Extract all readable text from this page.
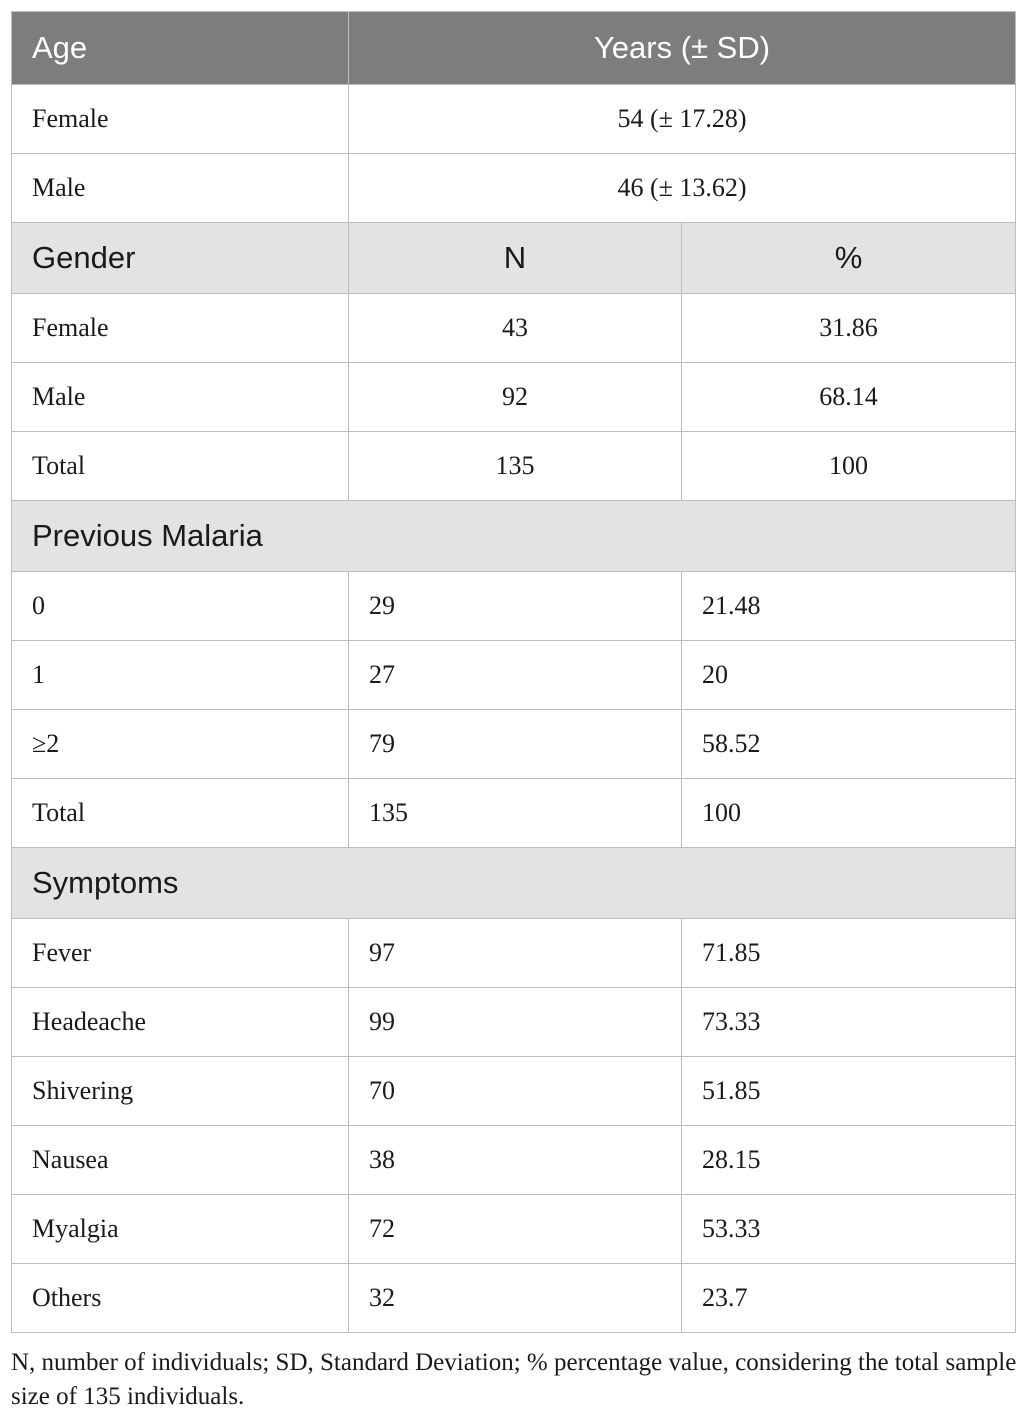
Age	Years (± SD)	
Female	54 (± 17.28)	
Male	46 (± 13.62)	
Gender	N	%
Female	43	31.86
Male	92	68.14
Total	135	100
Previous Malaria		
0	29	21.48
1	27	20
≥2	79	58.52
Total	135	100
Symptoms		
Fever	97	71.85
Headeache	99	73.33
Shivering	70	51.85
Nausea	38	28.15
Myalgia	72	53.33
Others	32	23.7
N, number of individuals; SD, Standard Deviation; % percentage value, considering the total sample size of 135 individuals.
